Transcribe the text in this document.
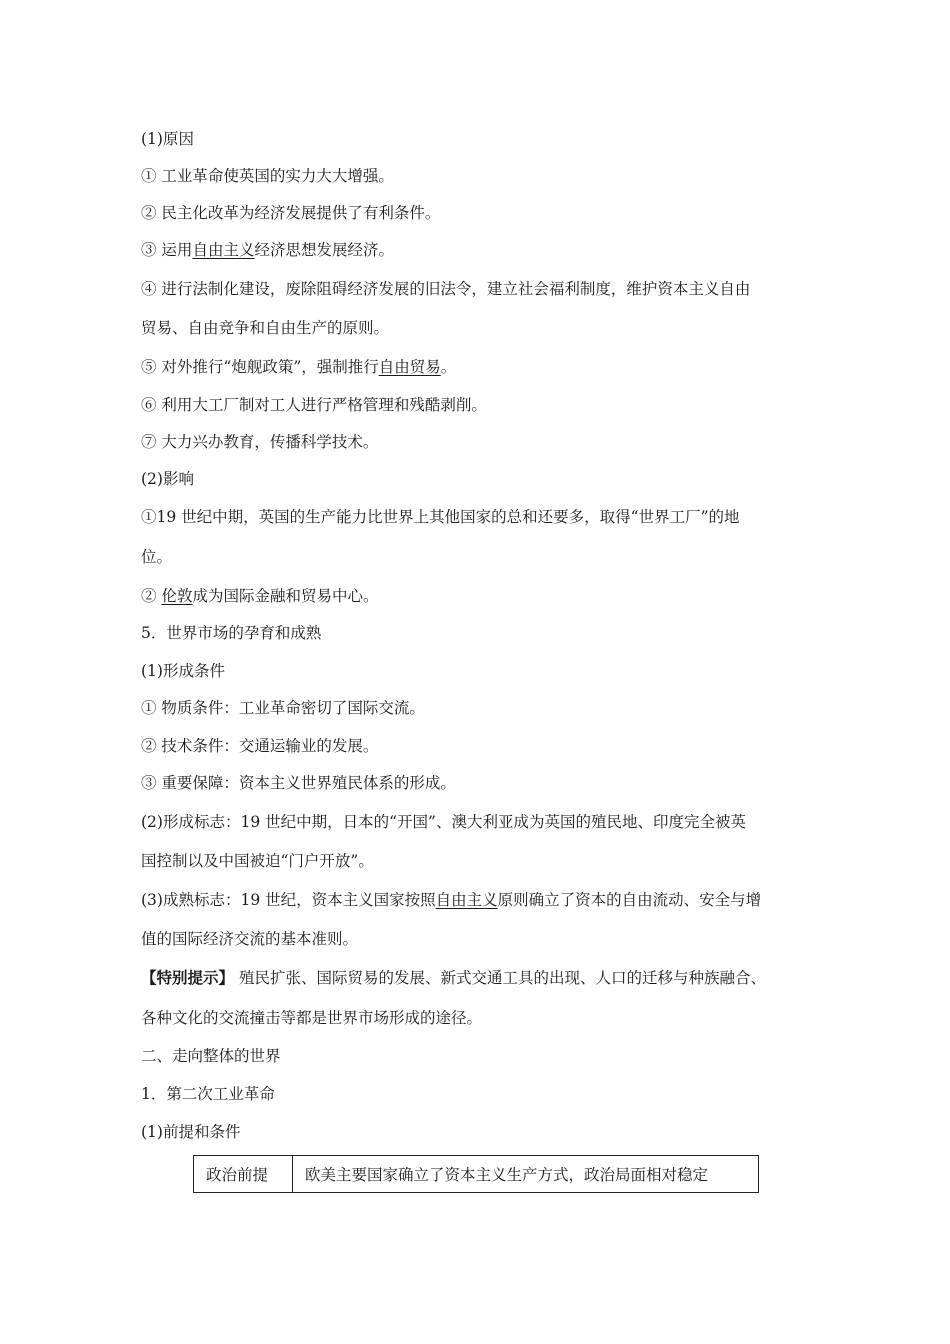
(1)原因
① 工业革命使英国的实力大大增强。
② 民主化改革为经济发展提供了有利条件。
③ 运用自由主义经济思想发展经济。
④ 进行法制化建设，废除阻碍经济发展的旧法令，建立社会福利制度，维护资本主义自由
贸易、自由竞争和自由生产的原则。
⑤ 对外推行“炮舰政策”，强制推行自由贸易。
⑥ 利用大工厂制对工人进行严格管理和残酷剥削。
⑦ 大力兴办教育，传播科学技术。
(2)影响
①19 世纪中期，英国的生产能力比世界上其他国家的总和还要多，取得“世界工厂”的地
位。
② 伦敦成为国际金融和贸易中心。
5．世界市场的孕育和成熟
(1)形成条件
① 物质条件：工业革命密切了国际交流。
② 技术条件：交通运输业的发展。
③ 重要保障：资本主义世界殖民体系的形成。
(2)形成标志：19 世纪中期，日本的“开国”、澳大利亚成为英国的殖民地、印度完全被英
国控制以及中国被迫“门户开放”。
(3)成熟标志：19 世纪，资本主义国家按照自由主义原则确立了资本的自由流动、安全与增
值的国际经济交流的基本准则。
【特别提示】 殖民扩张、国际贸易的发展、新式交通工具的出现、人口的迁移与种族融合、
各种文化的交流撞击等都是世界市场形成的途径。
二、走向整体的世界
1．第二次工业革命
(1)前提和条件
政治前提	欧美主要国家确立了资本主义生产方式，政治局面相对稳定
